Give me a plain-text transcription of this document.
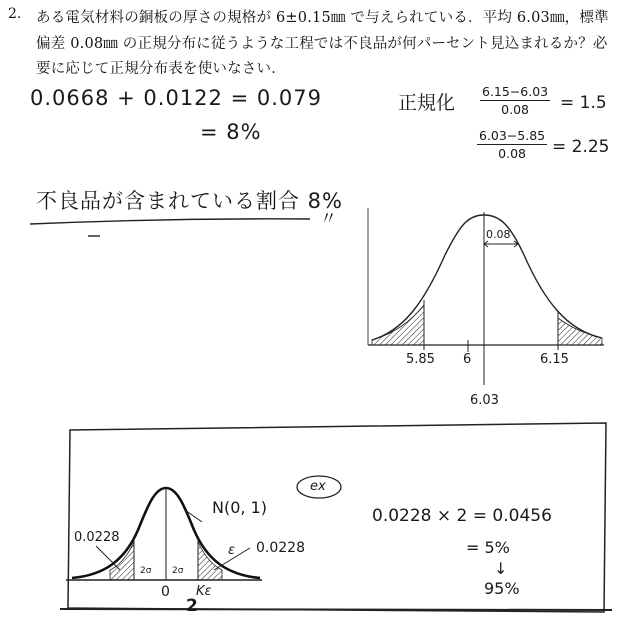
2. ある電気材料の銅板の厚さの規格が 6±0.15㎜ で与えられている．平均 6.03㎜，標準
偏差 0.08㎜ の正規分布に従うような工程では不良品が何パーセント見込まれるか？必
要に応じて正規分布表を使いなさい．
0.0668 + 0.0122 = 0.079
= 8%
不良品が含まれている割合 8%
〃
正規化 $\frac{6.15-6.03}{0.08} = 1.5$
$\frac{6.03-5.85}{0.08} = 2.25$
0.08
5.85 6	6.15
6.03
ex
N(0, 1)
0.0228
0.0228
ε
2σ 2σ
0 Kε
2
0.0228 × 2 = 0.0456
= 5%
↓
95%
